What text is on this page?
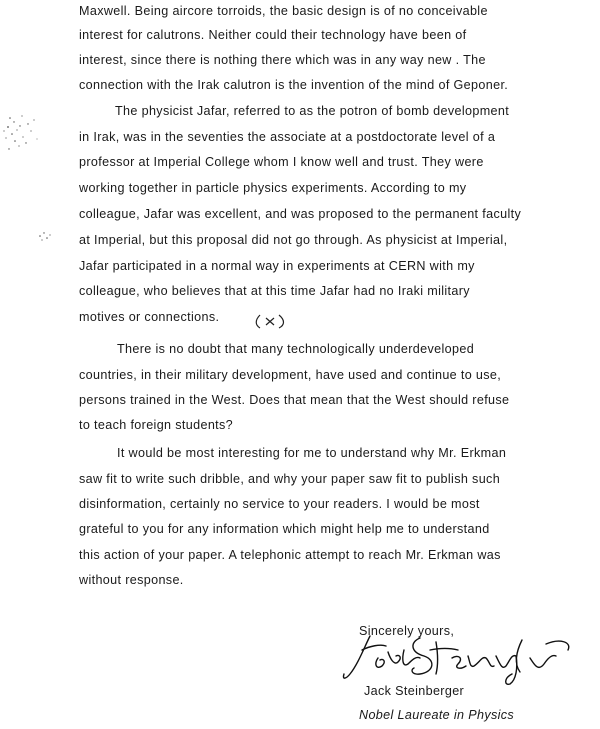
Maxwell. Being aircore torroids, the basic design is of no conceivable
interest for calutrons. Neither could their technology have been of
interest, since there is nothing there which was in any way new . The
connection with the Irak calutron is the invention of the mind of Geponer.
The physicist Jafar, referred to as the potron of bomb development
in Irak, was in the seventies the associate at a postdoctorate level of a
professor at Imperial College whom I know well and trust. They were
working together in particle physics experiments. According to my
colleague, Jafar was excellent, and was proposed to the permanent faculty
at Imperial, but this proposal did not go through. As physicist at Imperial,
Jafar participated in a normal way in experiments at CERN with my
colleague, who believes that at this time Jafar had no Iraki military
motives or connections.
There is no doubt that many technologically underdeveloped
countries, in their military development, have used and continue to use,
persons trained in the West. Does that mean that the West should refuse
to teach foreign students?
It would be most interesting for me to understand why Mr. Erkman
saw fit to write such dribble, and why your paper saw fit to publish such
disinformation, certainly no service to your readers. I would be most
grateful to you for any information which might help me to understand
this action of your paper. A telephonic attempt to reach Mr. Erkman was
without response.
Sincerely yours,
Jack Steinberger
Nobel Laureate in Physics
